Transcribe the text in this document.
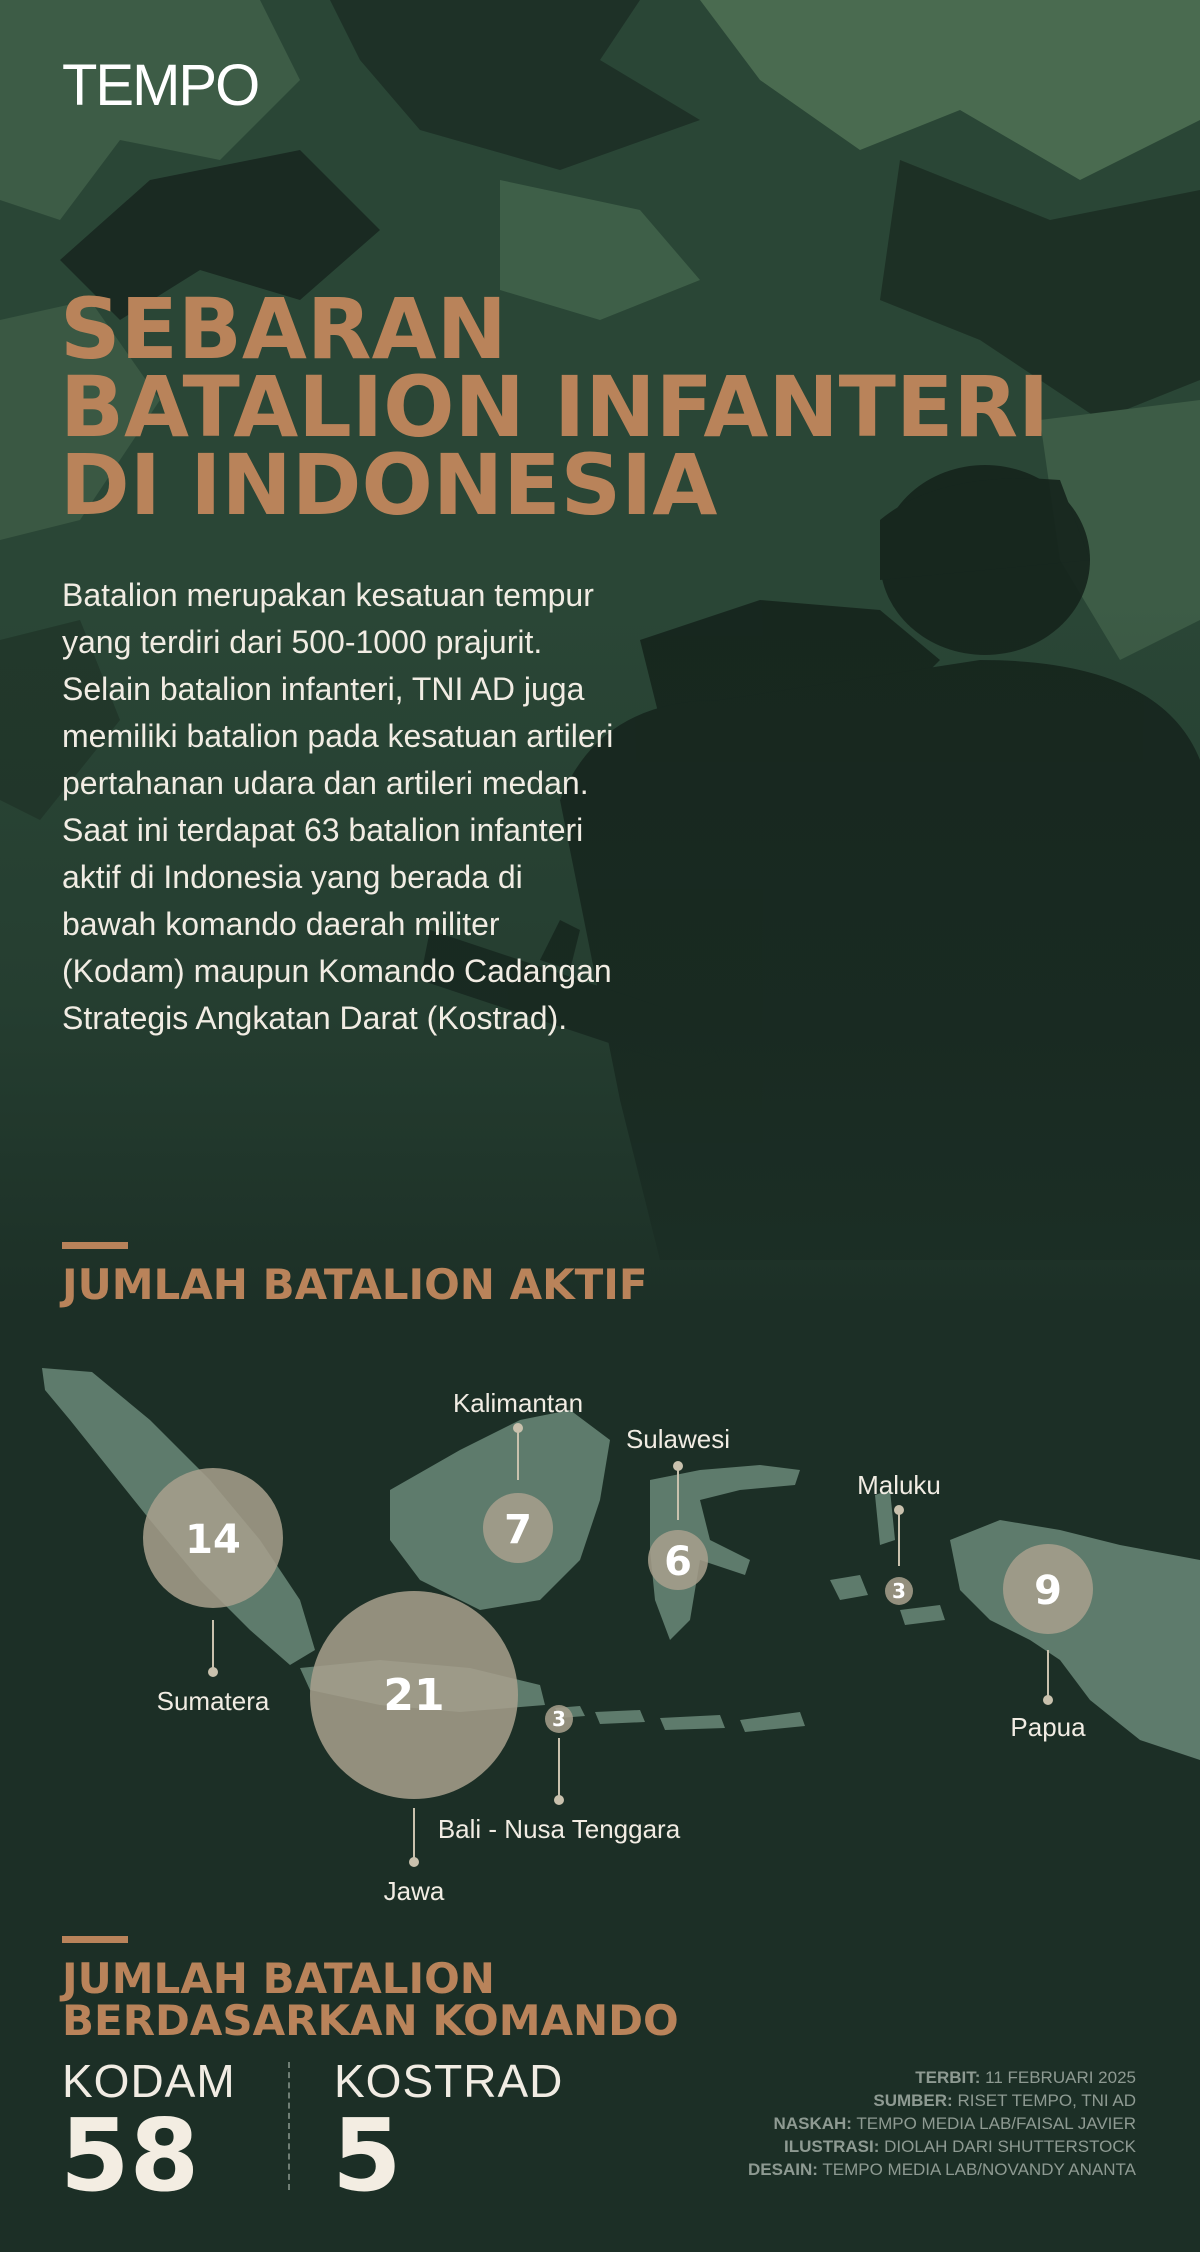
TEMPO
SEBARAN
BATALION INFANTERI
DI INDONESIA

Batalion merupakan kesatuan tempur yang terdiri dari 500-1000 prajurit. Selain batalion infanteri, TNI AD juga memiliki batalion pada kesatuan artileri pertahanan udara dan artileri medan. Saat ini terdapat 63 batalion infanteri aktif di Indonesia yang berada di bawah komando daerah militer (Kodam) maupun Komando Cadangan Strategis Angkatan Darat (Kostrad).

JUMLAH BATALION AKTIF
14
21
7
6
3
3	9
Sumatera
Jawa
Kalimantan
Sulawesi
Bali - Nusa Tenggara
Maluku
Papua
JUMLAH BATALION
BERDASARKAN KOMANDO
KODAM
58
KOSTRAD
5
TERBIT: 11 FEBRUARI 2025
SUMBER: RISET TEMPO, TNI AD
NASKAH: TEMPO MEDIA LAB/FAISAL JAVIER
ILUSTRASI: DIOLAH DARI SHUTTERSTOCK
DESAIN: TEMPO MEDIA LAB/NOVANDY ANANTA
